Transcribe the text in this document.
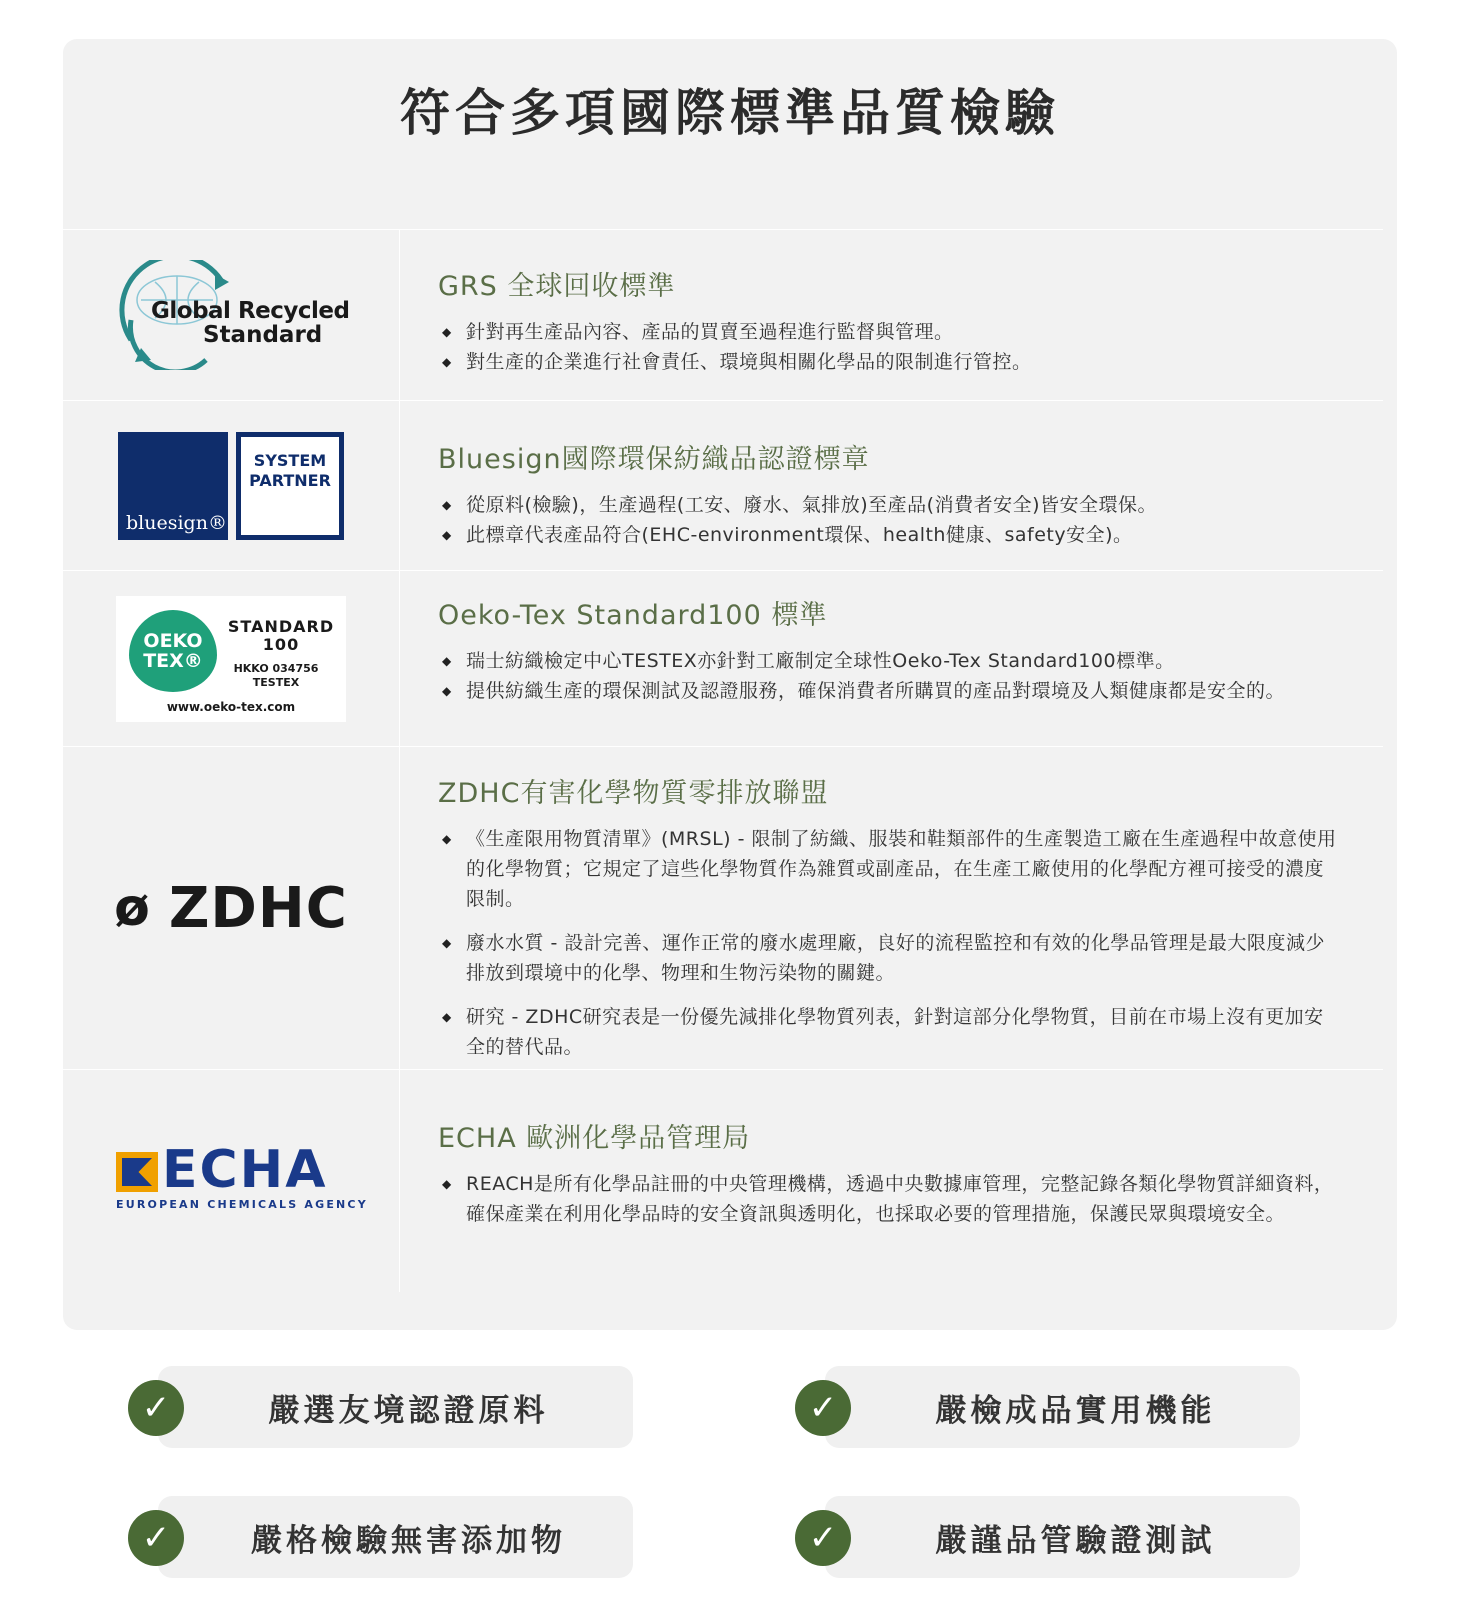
符合多項國際標準品質檢驗
Global Recycled
Standard
GRS 全球回收標準
◆ 針對再生產品內容、產品的買賣至過程進行監督與管理。
◆ 對生產的企業進行社會責任、環境與相關化學品的限制進行管控。
bluesign®
SYSTEM
PARTNER
Bluesign國際環保紡織品認證標章
◆ 從原料(檢驗)，生產過程(工安、廢水、氣排放)至產品(消費者安全)皆安全環保。
◆ 此標章代表產品符合(EHC-environment環保、health健康、safety安全)。
OEKO
TEX®
STANDARD
100
HKKO 034756
TESTEX
www.oeko-tex.com
Oeko-Tex Standard100 標準
◆ 瑞士紡織檢定中心TESTEX亦針對工廠制定全球性Oeko-Tex Standard100標準。
◆ 提供紡織生產的環保測試及認證服務，確保消費者所購買的產品對環境及人類健康都是安全的。
ø ZDHC
ZDHC有害化學物質零排放聯盟
◆ 《生產限用物質清單》(MRSL) - 限制了紡織、服裝和鞋類部件的生產製造工廠在生產過程中故意使用的化學物質；它規定了這些化學物質作為雜質或副產品，在生產工廠使用的化學配方裡可接受的濃度限制。
◆ 廢水水質 - 設計完善、運作正常的廢水處理廠，良好的流程監控和有效的化學品管理是最大限度減少排放到環境中的化學、物理和生物污染物的關鍵。
◆ 研究 - ZDHC研究表是一份優先減排化學物質列表，針對這部分化學物質，目前在市場上沒有更加安全的替代品。
ECHA
EUROPEAN CHEMICALS AGENCY
ECHA 歐洲化學品管理局
◆ REACH是所有化學品註冊的中央管理機構，透過中央數據庫管理，完整記錄各類化學物質詳細資料，確保產業在利用化學品時的安全資訊與透明化，也採取必要的管理措施，保護民眾與環境安全。
✓	嚴選友境認證原料	✓	嚴檢成品實用機能
✓	嚴格檢驗無害添加物	✓	嚴謹品管驗證測試
